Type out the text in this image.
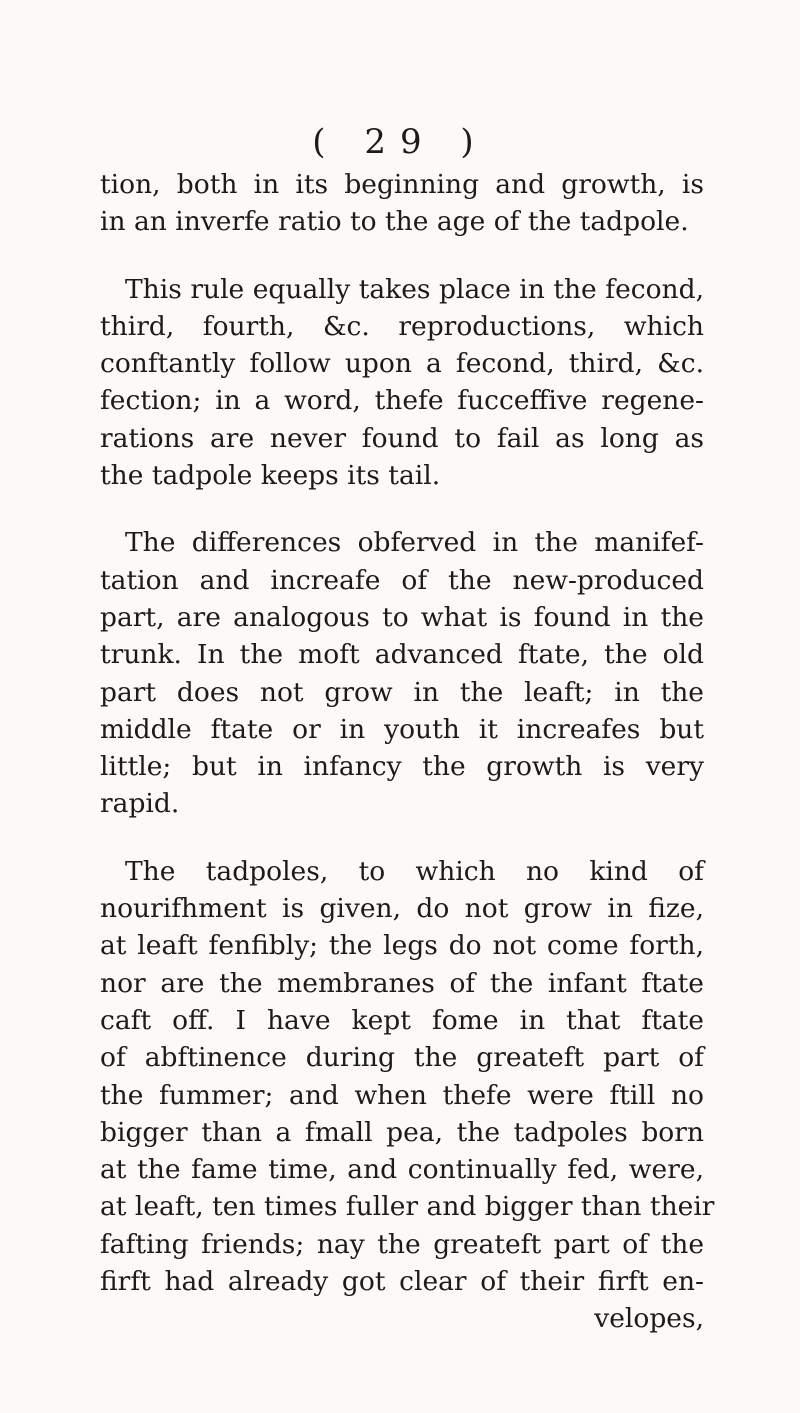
( 29 )
tion, both in its beginning and growth, is
in an inverfe ratio to the age of the tadpole.
This rule equally takes place in the fecond,
third, fourth, &c. reproductions, which
conftantly follow upon a fecond, third, &c.
fection; in a word, thefe fucceffive regene-
rations are never found to fail as long as
the tadpole keeps its tail.
The differences obferved in the manifef-
tation and increafe of the new-produced
part, are analogous to what is found in the
trunk. In the moft advanced ftate, the old
part does not grow in the leaft; in the
middle ftate or in youth it increafes but
little; but in infancy the growth is very
rapid.
The tadpoles, to which no kind of
nourifhment is given, do not grow in fize,
at leaft fenfibly; the legs do not come forth,
nor are the membranes of the infant ftate
caft off. I have kept fome in that ftate
of abftinence during the greateft part of
the fummer; and when thefe were ftill no
bigger than a fmall pea, the tadpoles born
at the fame time, and continually fed, were,
at leaft, ten times fuller and bigger than their
fafting friends; nay the greateft part of the
firft had already got clear of their firft en-
velopes,
